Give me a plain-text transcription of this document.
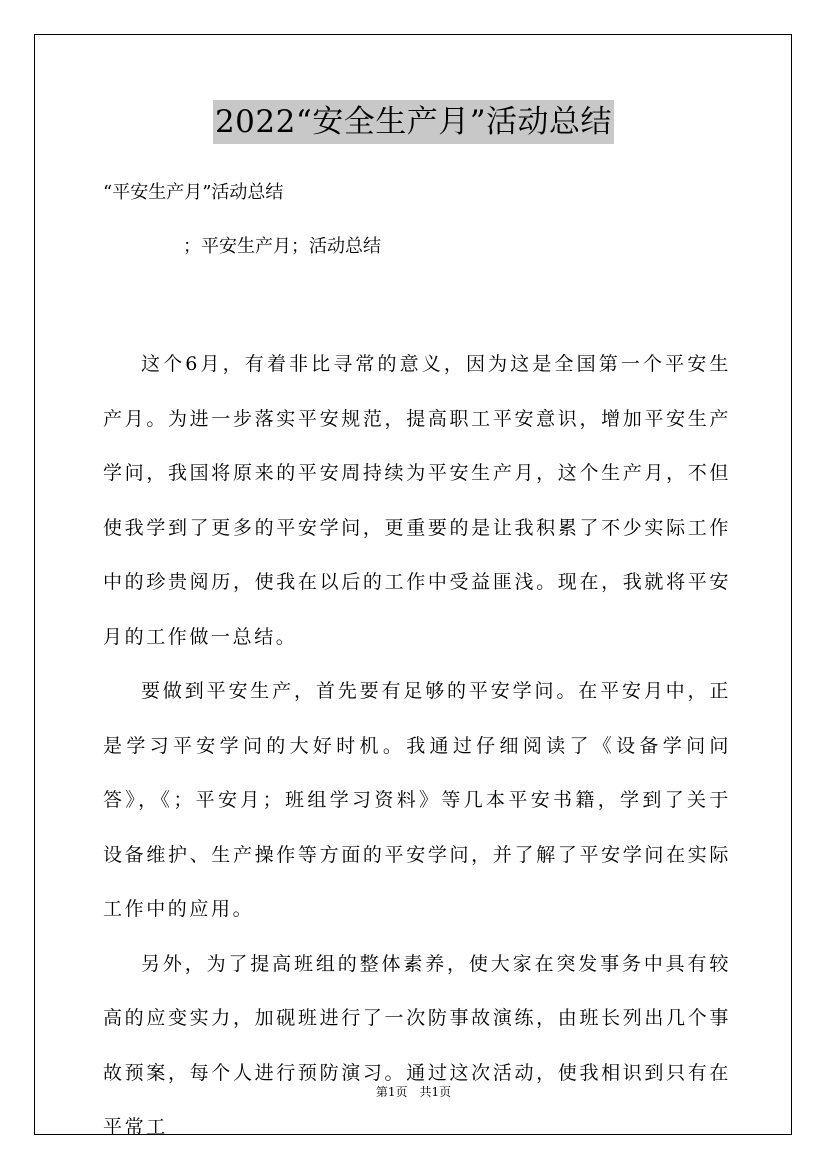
2022“安全生产月”活动总结

“平安生产月”活动总结

；平安生产月；活动总结

这个6月，有着非比寻常的意义，因为这是全国第一个平安生产月。为进一步落实平安规范，提高职工平安意识，增加平安生产学问，我国将原来的平安周持续为平安生产月，这个生产月，不但使我学到了更多的平安学问，更重要的是让我积累了不少实际工作中的珍贵阅历，使我在以后的工作中受益匪浅。现在，我就将平安月的工作做一总结。

要做到平安生产，首先要有足够的平安学问。在平安月中，正是学习平安学问的大好时机。我通过仔细阅读了《设备学问问答》，《；平安月；班组学习资料》等几本平安书籍，学到了关于设备维护、生产操作等方面的平安学问，并了解了平安学问在实际工作中的应用。

另外，为了提高班组的整体素养，使大家在突发事务中具有较高的应变实力，加砚班进行了一次防事故演练，由班长列出几个事故预案，每个人进行预防演习。通过这次活动，使我相识到只有在平常工

第1页 共1页
